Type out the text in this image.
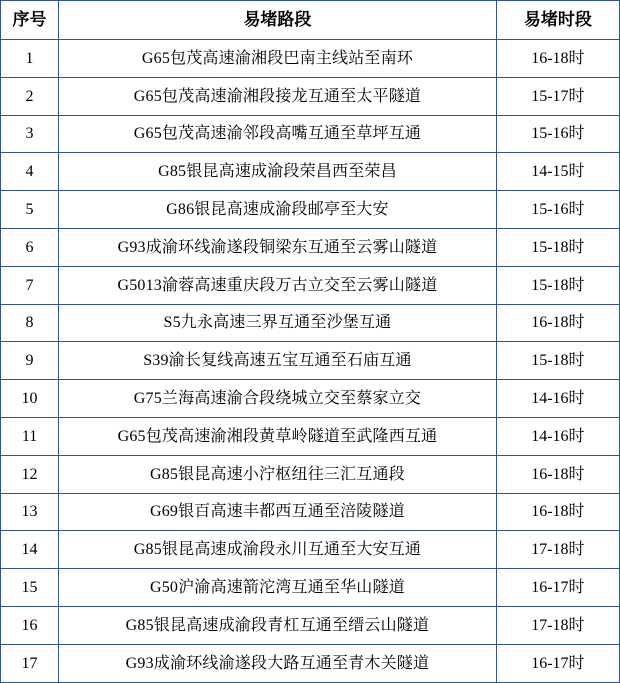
序号	易堵路段	易堵时段
1	G65包茂高速渝湘段巴南主线站至南环	16-18时
2	G65包茂高速渝湘段接龙互通至太平隧道	15-17时
3	G65包茂高速渝邻段高嘴互通至草坪互通	15-16时
4	G85银昆高速成渝段荣昌西至荣昌	14-15时
5	G86银昆高速成渝段邮亭至大安	15-16时
6	G93成渝环线渝遂段铜梁东互通至云雾山隧道	15-18时
7	G5013渝蓉高速重庆段万古立交至云雾山隧道	15-18时
8	S5九永高速三界互通至沙堡互通	16-18时
9	S39渝长复线高速五宝互通至石庙互通	15-18时
10	G75兰海高速渝合段绕城立交至蔡家立交	14-16时
11	G65包茂高速渝湘段黄草岭隧道至武隆西互通	14-16时
12	G85银昆高速小泞枢纽往三汇互通段	16-18时
13	G69银百高速丰都西互通至涪陵隧道	16-18时
14	G85银昆高速成渝段永川互通至大安互通	17-18时
15	G50沪渝高速箭沱湾互通至华山隧道	16-17时
16	G85银昆高速成渝段青杠互通至缙云山隧道	17-18时
17	G93成渝环线渝遂段大路互通至青木关隧道	16-17时
